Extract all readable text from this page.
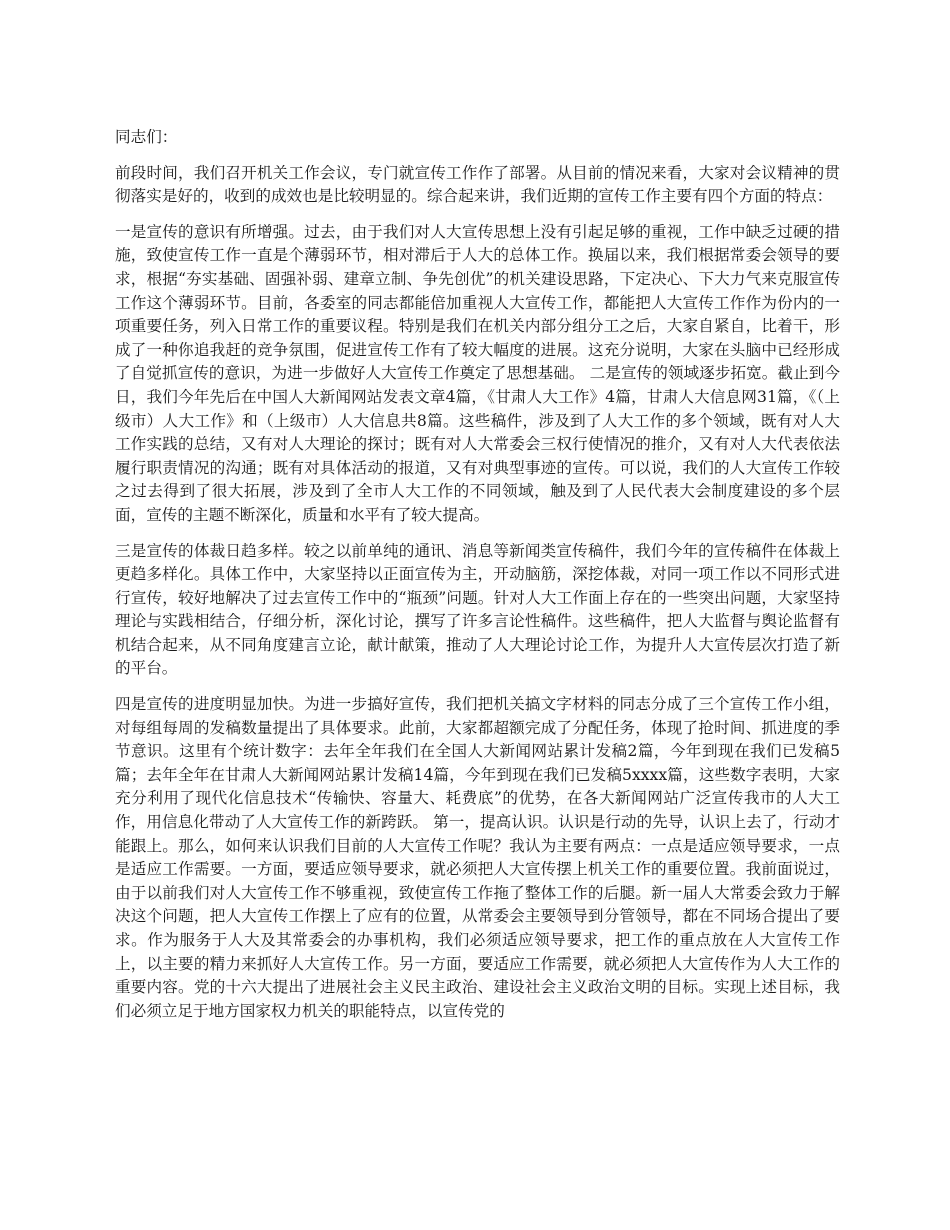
同志们：

前段时间，我们召开机关工作会议，专门就宣传工作作了部署。从目前的情况来看，大家对会议精神的贯彻落实是好的，收到的成效也是比较明显的。综合起来讲，我们近期的宣传工作主要有四个方面的特点：

一是宣传的意识有所增强。过去，由于我们对人大宣传思想上没有引起足够的重视，工作中缺乏过硬的措施，致使宣传工作一直是个薄弱环节，相对滞后于人大的总体工作。换届以来，我们根据常委会领导的要求，根据“夯实基础、固强补弱、建章立制、争先创优”的机关建设思路，下定决心、下大力气来克服宣传工作这个薄弱环节。目前，各委室的同志都能倍加重视人大宣传工作，都能把人大宣传工作作为份内的一项重要任务，列入日常工作的重要议程。特别是我们在机关内部分组分工之后，大家自紧自，比着干，形成了一种你追我赶的竞争氛围，促进宣传工作有了较大幅度的进展。这充分说明，大家在头脑中已经形成了自觉抓宣传的意识，为进一步做好人大宣传工作奠定了思想基础。 二是宣传的领域逐步拓宽。截止到今日，我们今年先后在中国人大新闻网站发表文章4篇，《甘肃人大工作》4篇，甘肃人大信息网31篇，《（上级市）人大工作》和（上级市）人大信息共8篇。这些稿件，涉及到了人大工作的多个领域，既有对人大工作实践的总结，又有对人大理论的探讨；既有对人大常委会三权行使情况的推介，又有对人大代表依法履行职责情况的沟通；既有对具体活动的报道，又有对典型事迹的宣传。可以说，我们的人大宣传工作较之过去得到了很大拓展，涉及到了全市人大工作的不同领域，触及到了人民代表大会制度建设的多个层面，宣传的主题不断深化，质量和水平有了较大提高。

三是宣传的体裁日趋多样。较之以前单纯的通讯、消息等新闻类宣传稿件，我们今年的宣传稿件在体裁上更趋多样化。具体工作中，大家坚持以正面宣传为主，开动脑筋，深挖体裁，对同一项工作以不同形式进行宣传，较好地解决了过去宣传工作中的“瓶颈”问题。针对人大工作面上存在的一些突出问题，大家坚持理论与实践相结合，仔细分析，深化讨论，撰写了许多言论性稿件。这些稿件，把人大监督与舆论监督有机结合起来，从不同角度建言立论，献计献策，推动了人大理论讨论工作，为提升人大宣传层次打造了新的平台。

四是宣传的进度明显加快。为进一步搞好宣传，我们把机关搞文字材料的同志分成了三个宣传工作小组，对每组每周的发稿数量提出了具体要求。此前，大家都超额完成了分配任务，体现了抢时间、抓进度的季节意识。这里有个统计数字：去年全年我们在全国人大新闻网站累计发稿2篇，今年到现在我们已发稿5篇；去年全年在甘肃人大新闻网站累计发稿14篇，今年到现在我们已发稿5xxxx篇，这些数字表明，大家充分利用了现代化信息技术“传输快、容量大、耗费底”的优势，在各大新闻网站广泛宣传我市的人大工作，用信息化带动了人大宣传工作的新跨跃。 第一，提高认识。认识是行动的先导，认识上去了，行动才能跟上。那么，如何来认识我们目前的人大宣传工作呢？我认为主要有两点：一点是适应领导要求，一点是适应工作需要。一方面，要适应领导要求，就必须把人大宣传摆上机关工作的重要位置。我前面说过，由于以前我们对人大宣传工作不够重视，致使宣传工作拖了整体工作的后腿。新一届人大常委会致力于解决这个问题，把人大宣传工作摆上了应有的位置，从常委会主要领导到分管领导，都在不同场合提出了要求。作为服务于人大及其常委会的办事机构，我们必须适应领导要求，把工作的重点放在人大宣传工作上，以主要的精力来抓好人大宣传工作。另一方面，要适应工作需要，就必须把人大宣传作为人大工作的重要内容。党的十六大提出了进展社会主义民主政治、建设社会主义政治文明的目标。实现上述目标，我们必须立足于地方国家权力机关的职能特点，以宣传党的
